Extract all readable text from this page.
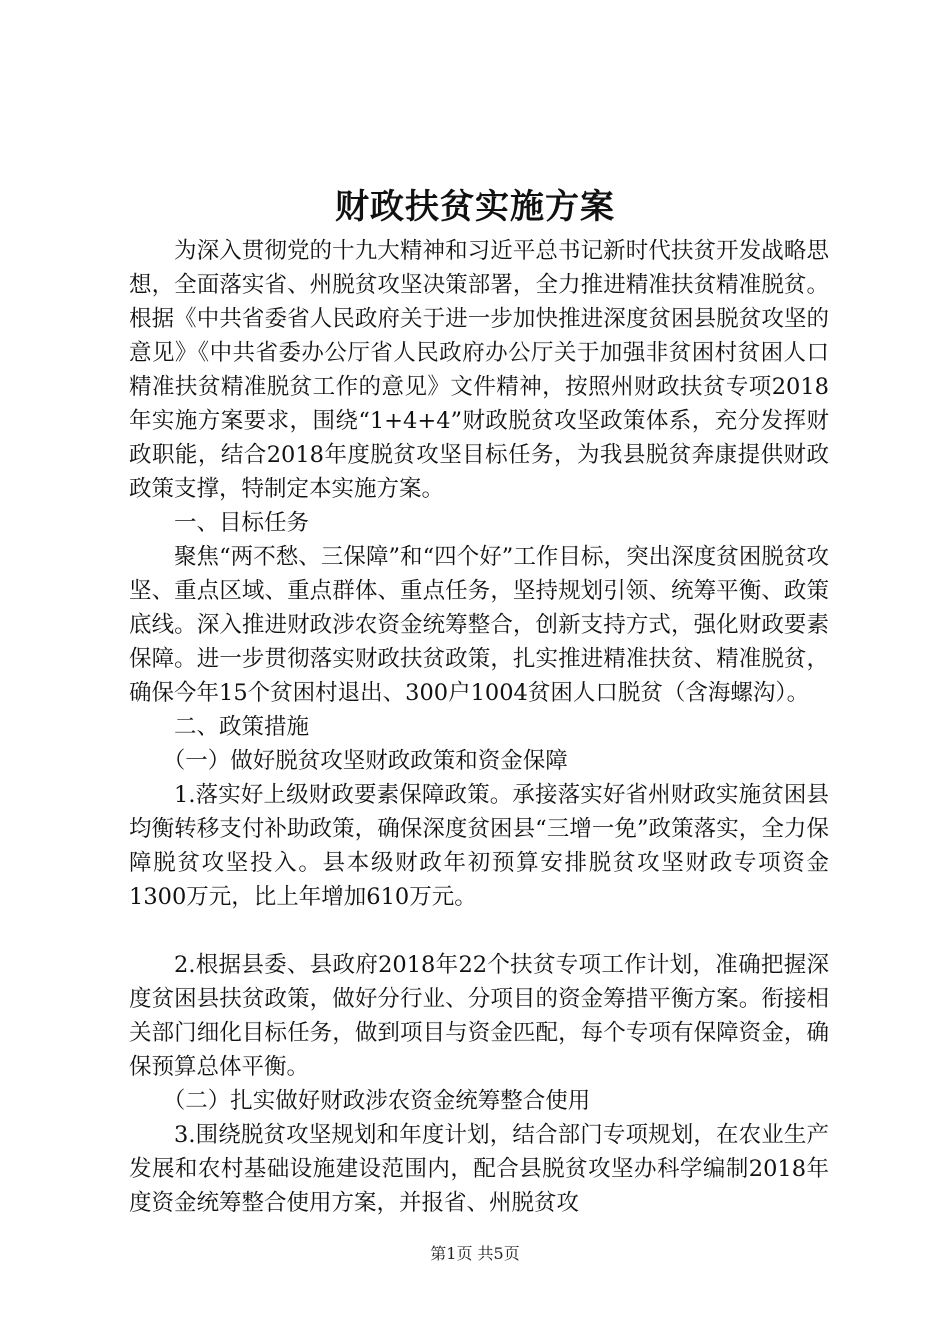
财政扶贫实施方案

为深入贯彻党的十九大精神和习近平总书记新时代扶贫开发战略思想，全面落实省、州脱贫攻坚决策部署，全力推进精准扶贫精准脱贫。根据《中共省委省人民政府关于进一步加快推进深度贫困县脱贫攻坚的意见》《中共省委办公厅省人民政府办公厅关于加强非贫困村贫困人口精准扶贫精准脱贫工作的意见》文件精神，按照州财政扶贫专项2018年实施方案要求，围绕“1+4+4”财政脱贫攻坚政策体系，充分发挥财政职能，结合2018年度脱贫攻坚目标任务，为我县脱贫奔康提供财政政策支撑，特制定本实施方案。

一、目标任务

聚焦“两不愁、三保障”和“四个好”工作目标，突出深度贫困脱贫攻坚、重点区域、重点群体、重点任务，坚持规划引领、统筹平衡、政策底线。深入推进财政涉农资金统筹整合，创新支持方式，强化财政要素保障。进一步贯彻落实财政扶贫政策，扎实推进精准扶贫、精准脱贫，确保今年15个贫困村退出、300户1004贫困人口脱贫（含海螺沟）。

二、政策措施

（一）做好脱贫攻坚财政政策和资金保障

1.落实好上级财政要素保障政策。承接落实好省州财政实施贫困县均衡转移支付补助政策，确保深度贫困县“三增一免”政策落实，全力保障脱贫攻坚投入。县本级财政年初预算安排脱贫攻坚财政专项资金1300万元，比上年增加610万元。

2.根据县委、县政府2018年22个扶贫专项工作计划，准确把握深度贫困县扶贫政策，做好分行业、分项目的资金筹措平衡方案。衔接相关部门细化目标任务，做到项目与资金匹配，每个专项有保障资金，确保预算总体平衡。

（二）扎实做好财政涉农资金统筹整合使用

3.围绕脱贫攻坚规划和年度计划，结合部门专项规划，在农业生产发展和农村基础设施建设范围内，配合县脱贫攻坚办科学编制2018年度资金统筹整合使用方案，并报省、州脱贫攻

第1页 共5页
